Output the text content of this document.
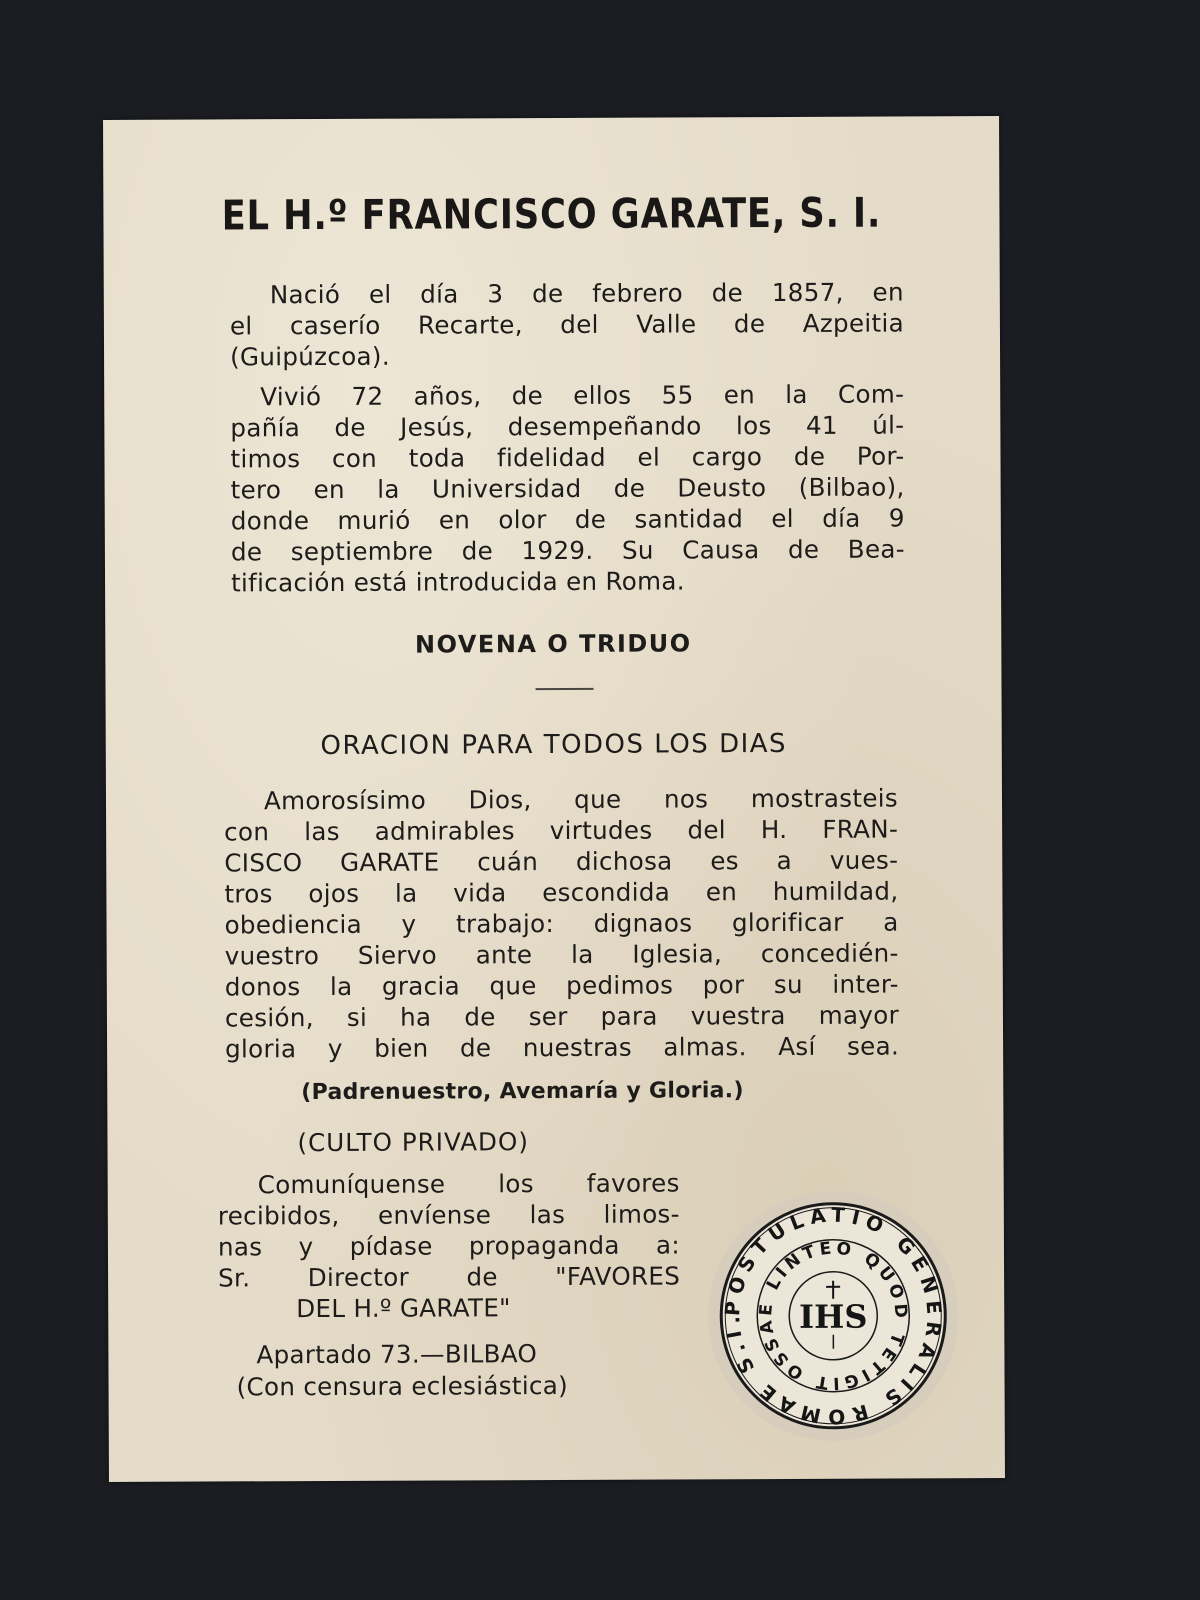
EL H.º FRANCISCO GARATE, S. I.
Nació el día 3 de febrero de 1857, en
el caserío Recarte, del Valle de Azpeitia
(Guipúzcoa).
Vivió 72 años, de ellos 55 en la Com-
pañía de Jesús, desempeñando los 41 úl-
timos con toda fidelidad el cargo de Por-
tero en la Universidad de Deusto (Bilbao),
donde murió en olor de santidad el día 9
de septiembre de 1929. Su Causa de Bea-
tificación está introducida en Roma.
NOVENA O TRIDUO
ORACION PARA TODOS LOS DIAS
Amorosísimo Dios, que nos mostrasteis
con las admirables virtudes del H. FRAN-
CISCO GARATE cuán dichosa es a vues-
tros ojos la vida escondida en humildad,
obediencia y trabajo: dignaos glorificar a
vuestro Siervo ante la Iglesia, concedién-
donos la gracia que pedimos por su inter-
cesión, si ha de ser para vuestra mayor
gloria y bien de nuestras almas. Así sea.
(Padrenuestro, Avemaría y Gloria.)
(CULTO PRIVADO)
Comuníquense los favores
recibidos, envíense las limos-
nas y pídase propaganda a:
Sr. Director de "FAVORES
DEL H.º GARATE"
Apartado 73.—BILBAO
(Con censura eclesiástica)
POSTULATIO GENERALIS ROMAE S.I.
E LINTEO QUOD TETIGIT OSSA IHS
